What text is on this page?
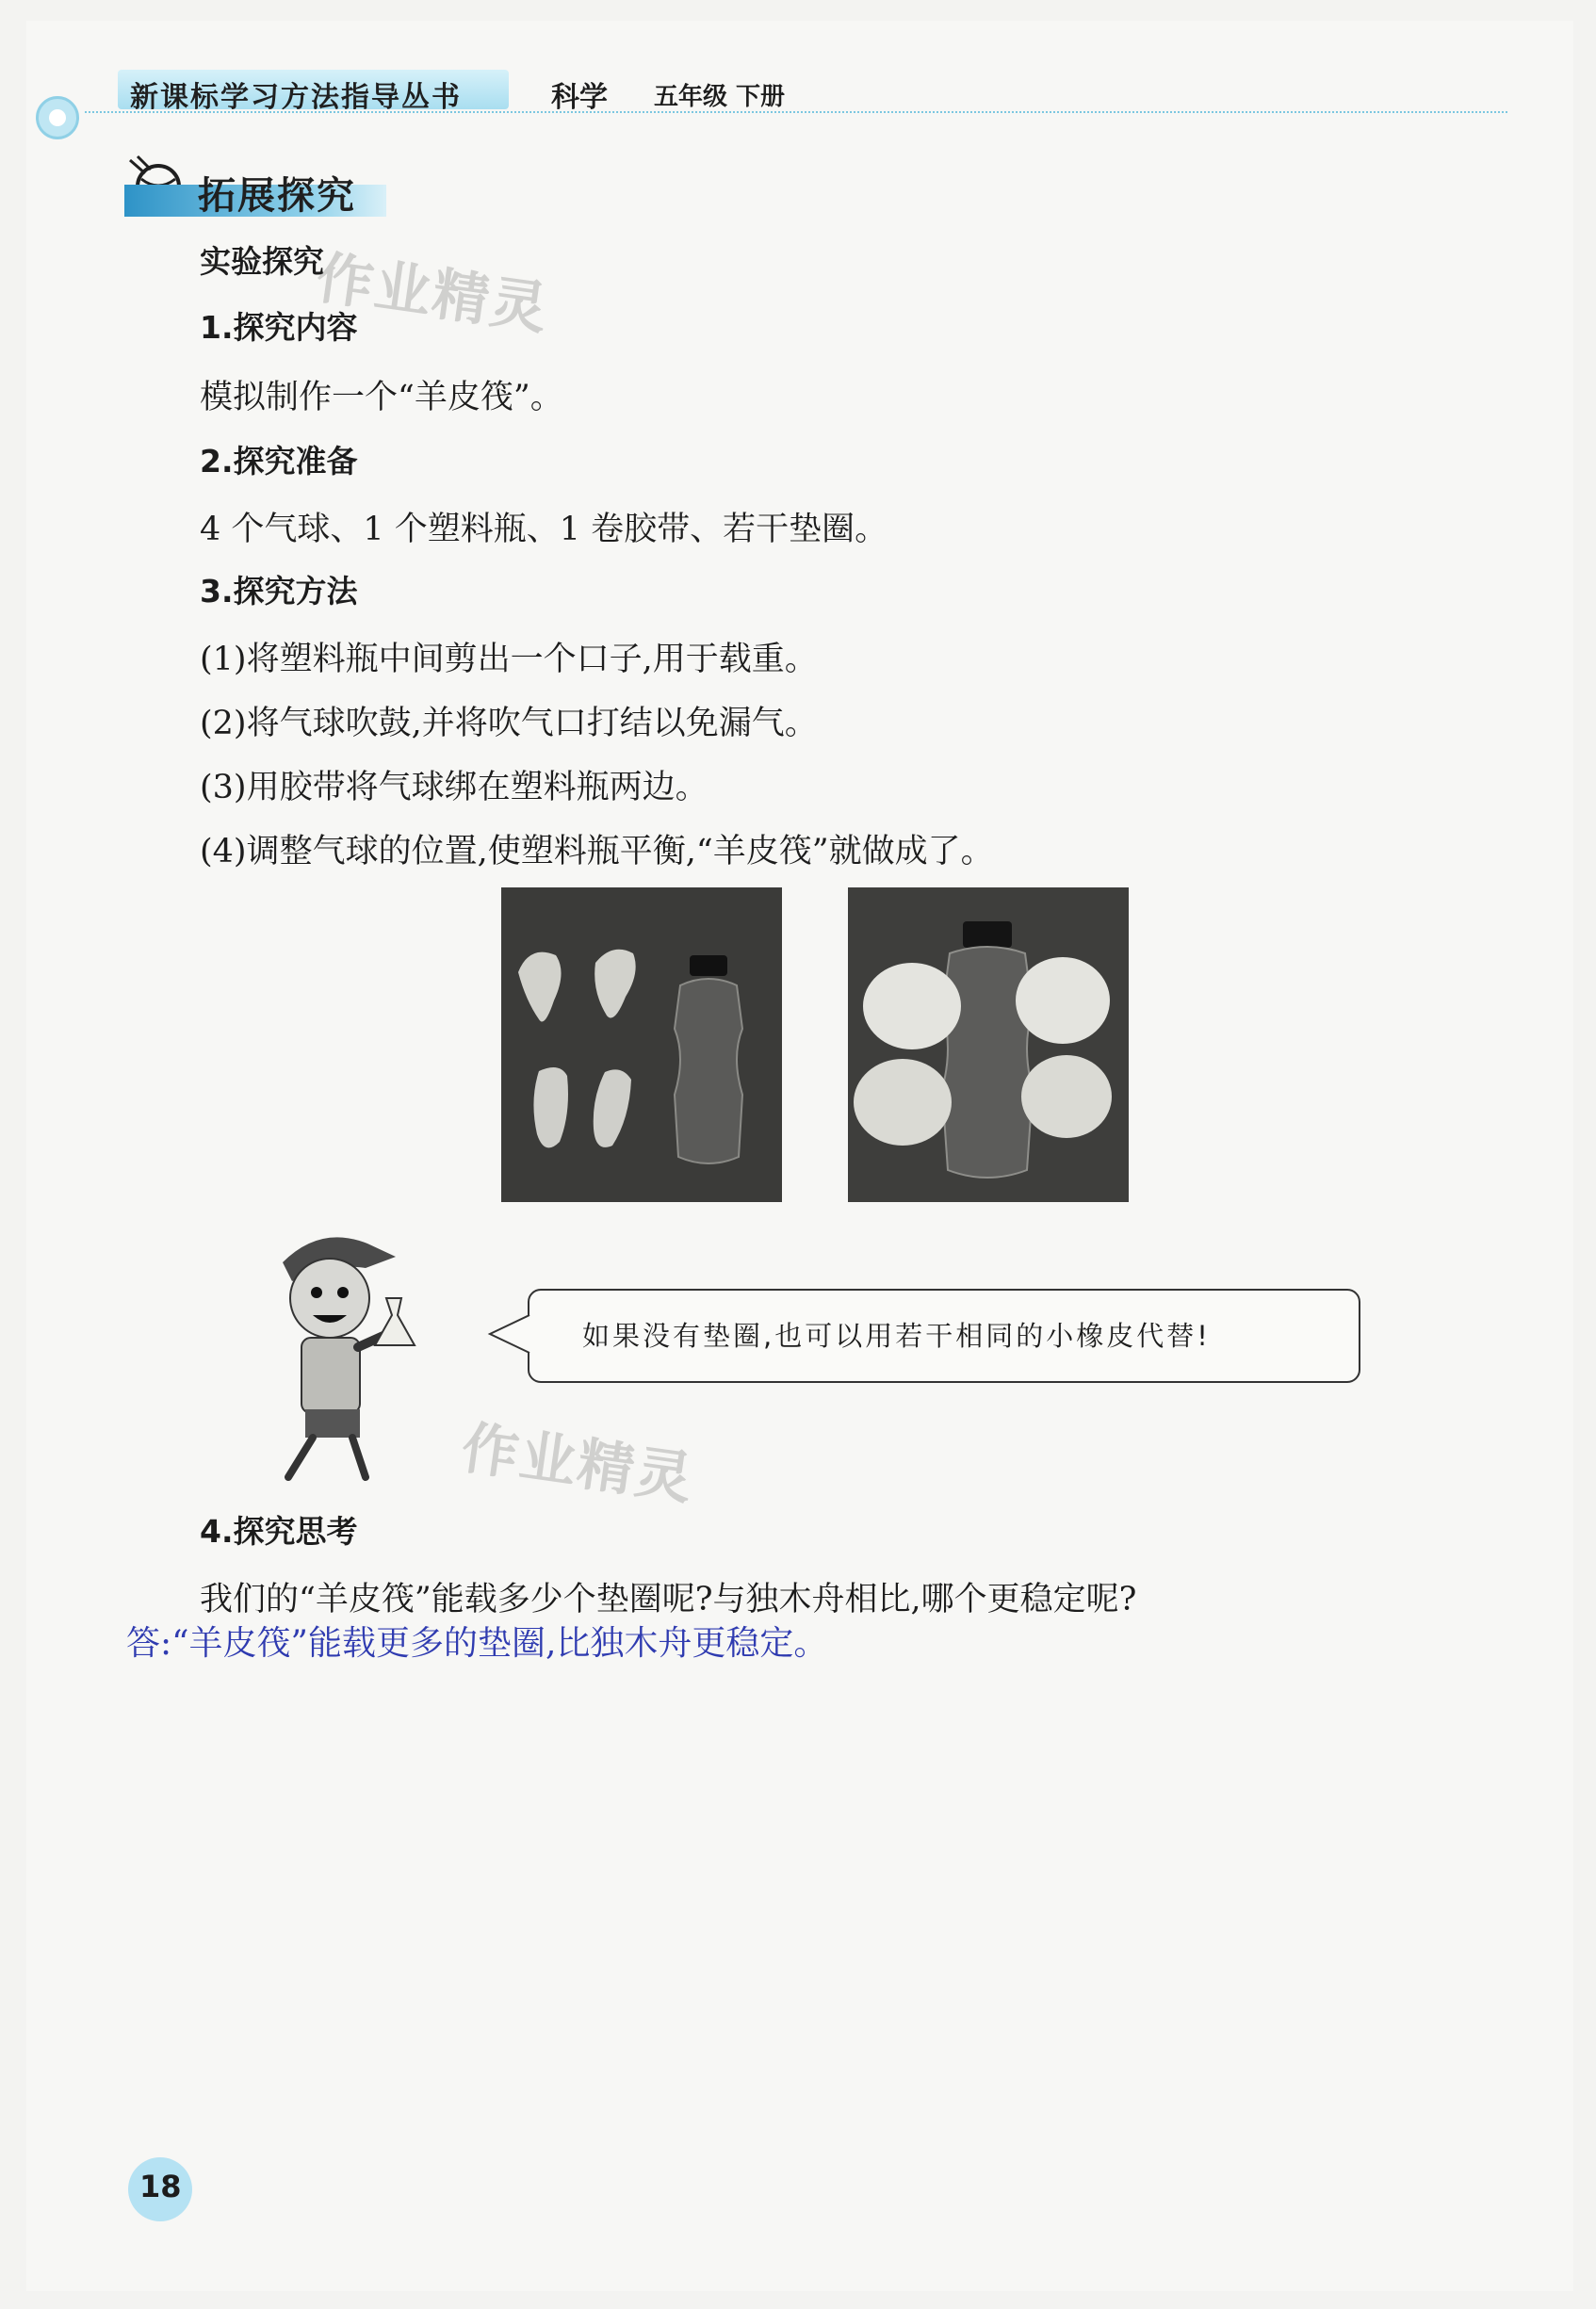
新课标学习方法指导丛书	科学 五年级 下册
拓展探究
实验探究
1.探究内容
模拟制作一个“羊皮筏”。
2.探究准备
4 个气球、1 个塑料瓶、1 卷胶带、若干垫圈。
3.探究方法
(1)将塑料瓶中间剪出一个口子,用于载重。
(2)将气球吹鼓,并将吹气口打结以免漏气。
(3)用胶带将气球绑在塑料瓶两边。
(4)调整气球的位置,使塑料瓶平衡,“羊皮筏”就做成了。
作业精灵
作业精灵
如果没有垫圈,也可以用若干相同的小橡皮代替!
4.探究思考
我们的“羊皮筏”能载多少个垫圈呢?与独木舟相比,哪个更稳定呢?
答:“羊皮筏”能载更多的垫圈,比独木舟更稳定。
18
